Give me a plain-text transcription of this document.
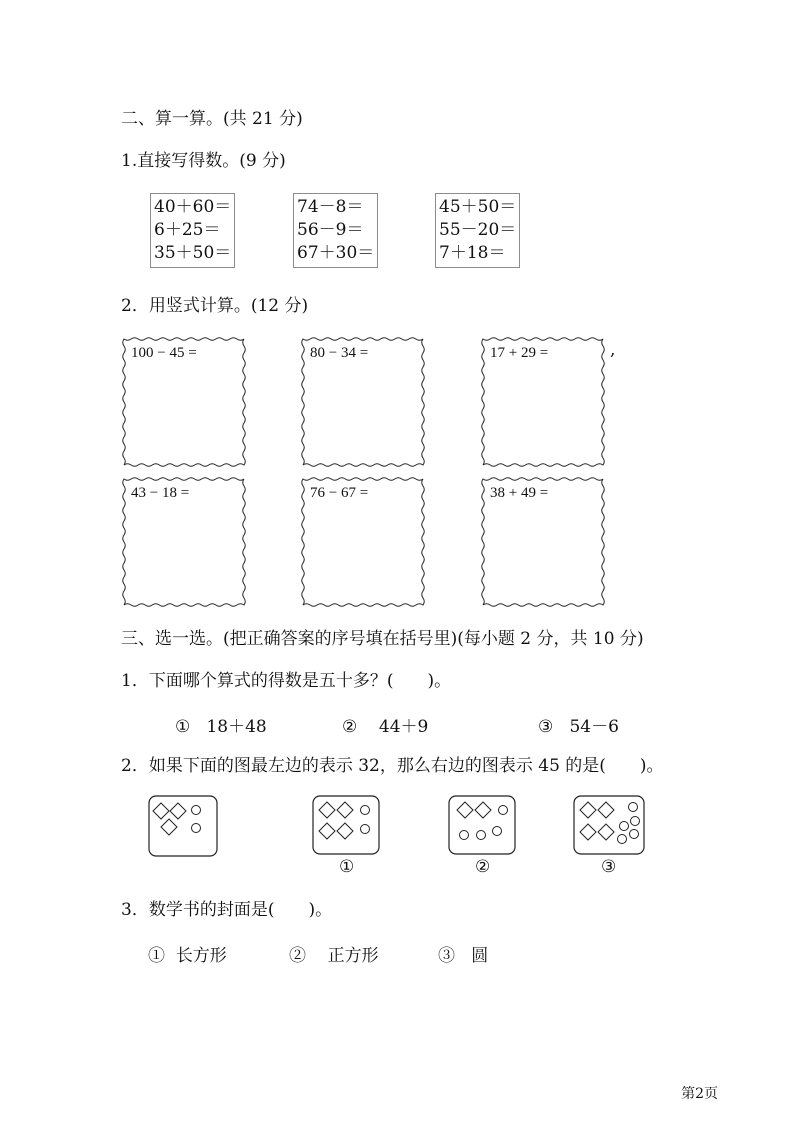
二、算一算。(共 21 分)
1.直接写得数。(9 分)
40＋60＝
6＋25＝
35＋50＝
74－8＝
56－9＝
67＋30＝
45＋50＝
55－20＝
7＋18＝
2．用竖式计算。(12 分)
100 − 45 =	80 − 34 =	17 + 29 =	,
43 − 18 =	76 − 67 =	38 + 49 =
三、选一选。(把正确答案的序号填在括号里)(每小题 2 分，共 10 分)
1．下面哪个算式的得数是五十多？(　　)。
① 18＋48	② 44＋9	③ 54－6
2．如果下面的图最左边的表示 32，那么右边的图表示 45 的是(　　)。
①	②	③
3．数学书的封面是(　　)。
① 长方形	② 正方形	③ 圆
第2页
